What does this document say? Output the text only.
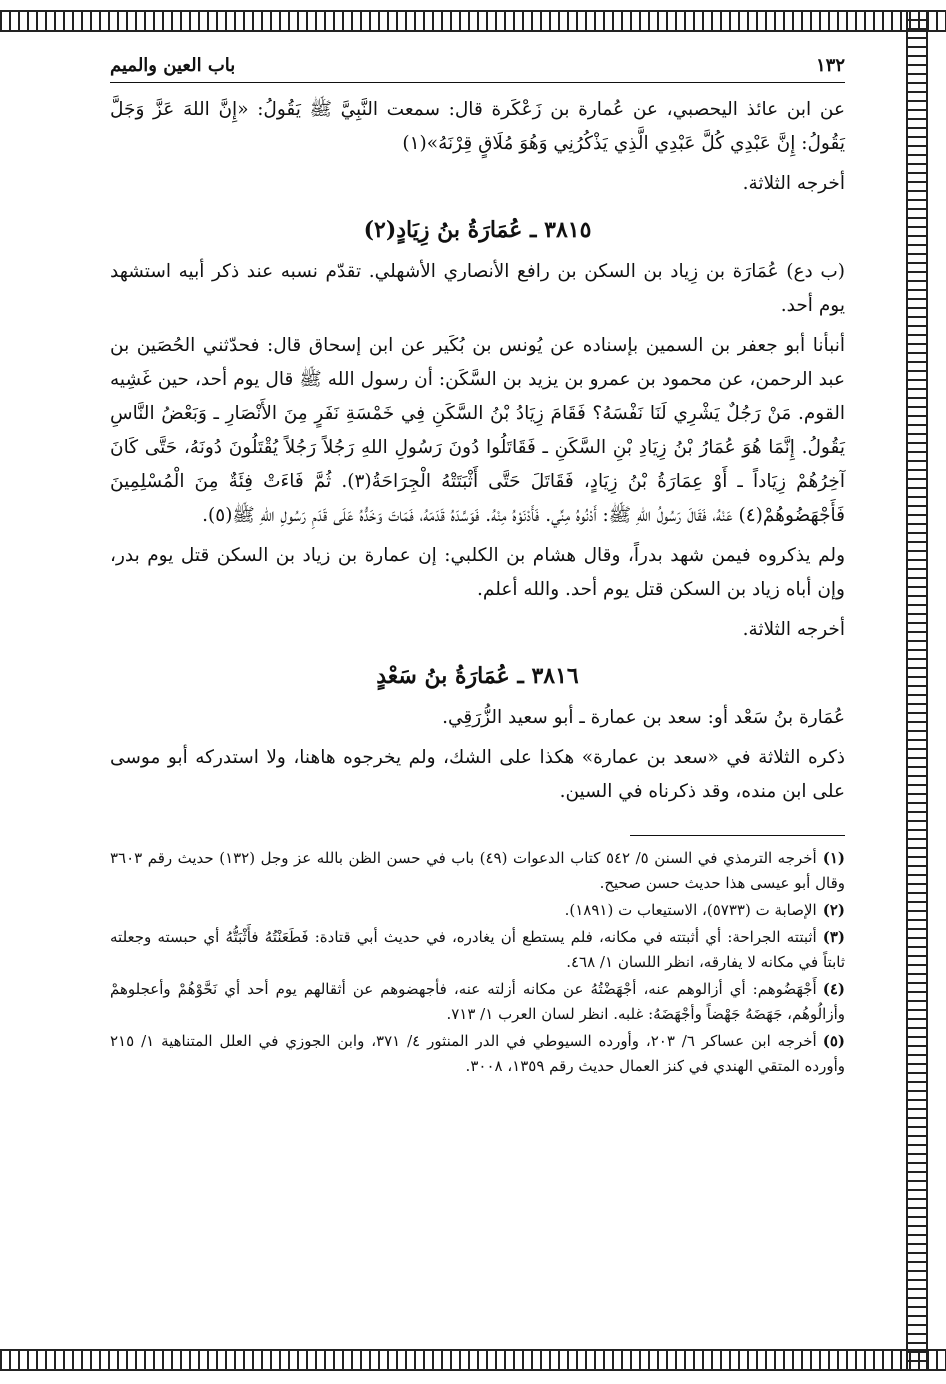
١٣٢
باب العين والميم

عن ابن عائذ اليحصبي، عن عُمارة بن زَعْكَرة قال: سمعت النَّبِيَّ ﷺ يَقُولُ: «إِنَّ اللهَ عَزَّ وَجَلَّ يَقُولُ: إِنَّ عَبْدِي كُلَّ عَبْدِي الَّذِي يَذْكُرُنِي وَهُوَ مُلَاقٍ قِرْنَهُ»(١)

أخرجه الثلاثة.

٣٨١٥ ـ عُمَارَةُ بنُ زِيَادٍ(٢)

(ب دع) عُمَارَة بن زِياد بن السكن بن رافع الأنصاري الأشهلي. تقدّم نسبه عند ذكر أبيه استشهد يوم أحد.

أنبأنا أبو جعفر بن السمين بإسناده عن يُونس بن بُكَير عن ابن إسحاق قال: فحدّثني الحُصَين بن عبد الرحمن، عن محمود بن عمرو بن يزيد بن السَّكَن: أن رسول الله ﷺ قال يوم أحد، حين غَشِيه القوم. مَنْ رَجُلٌ يَشْرِي لَنَا نَفْسَهُ؟ فَقَامَ زِيَادُ بْنُ السَّكَنِ فِي خَمْسَةِ نَفَرٍ مِنَ الأَنْصَارِ ـ وَبَعْضُ النَّاسِ يَقُولُ. إِنَّمَا هُوَ عُمَارُ بْنُ زِيَادِ بْنِ السَّكَنِ ـ فَقَاتَلُوا دُونَ رَسُولِ اللهِ رَجُلاً رَجُلاً يُقْتَلُونَ دُونَهُ، حَتَّى كَانَ آخِرُهُمْ زِيَاداً ـ أَوْ عِمَارَةُ بْنُ زِيَادٍ، فَقَاتَلَ حَتَّى أَثْبَتَتْهُ الْجِرَاحَةُ(٣). ثُمَّ فَاءَتْ فِئَةٌ مِنَ الْمُسْلِمِينَ فَأَجْهَضُوهُمْ(٤) عَنْهُ، فَقَالَ رَسُولُ اللهِ ﷺ: أَدْنُوهُ مِنِّي. فَأَدْنَوْهُ مِنْهُ. فَوَسَّدَهُ قَدَمَهُ، فَمَاتَ وَخَدُّهُ عَلَى قَدَمِ رَسُولِ اللهِ ﷺ(٥).

ولم يذكروه فيمن شهد بدراً، وقال هشام بن الكلبي: إن عمارة بن زياد بن السكن قتل يوم بدر، وإن أباه زياد بن السكن قتل يوم أحد. والله أعلم.

أخرجه الثلاثة.

٣٨١٦ ـ عُمَارَةُ بنُ سَعْدٍ

عُمَارة بنُ سَعْد أو: سعد بن عمارة ـ أبو سعيد الزُّرَقِي.

ذكره الثلاثة في «سعد بن عمارة» هكذا على الشك، ولم يخرجوه هاهنا، ولا استدركه أبو موسى على ابن منده، وقد ذكرناه في السين.

(١)أخرجه الترمذي في السنن ٥/ ٥٤٢ كتاب الدعوات (٤٩) باب في حسن الظن بالله عز وجل (١٣٢) حديث رقم ٣٦٠٣ وقال أبو عيسى هذا حديث حسن صحيح.

(٢)الإصابة ت (٥٧٣٣)، الاستيعاب ت (١٨٩١).

(٣)أثبتته الجراحة: أي أثبتته في مكانه، فلم يستطع أن يغادره، في حديث أبي قتادة: فَطَعَنْتُهُ فأَثْبَتُّهُ أي حبسته وجعلته ثابتاً في مكانه لا يفارقه، انظر اللسان ١/ ٤٦٨.

(٤)أَجْهَضُوهم: أي أزالوهم عنه، أجْهَضْتُهُ عن مكانه أزلته عنه، فأجهضوهم عن أثقالهم يوم أحد أي نَحَّوْهُمْ وأعجلوهمْ وأزالُوهُم، جَهَضَهُ جَهْضاً وأجْهَضَهُ: غلبه. انظر لسان العرب ١/ ٧١٣.

(٥)أخرجه ابن عساكر ٦/ ٢٠٣، وأورده السيوطي في الدر المنثور ٤/ ٣٧١، وابن الجوزي في العلل المتناهية ١/ ٢١٥ وأورده المتقي الهندي في كنز العمال حديث رقم ١٣٥٩، ٣٠٠٨.
